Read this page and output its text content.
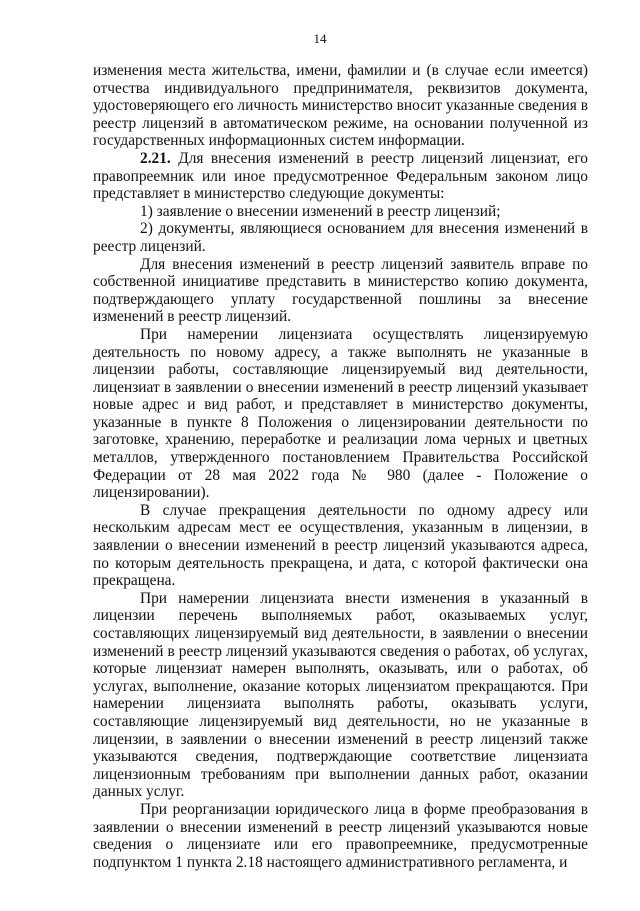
14

изменения места жительства, имени, фамилии и (в случае если имеется) отчества индивидуального предпринимателя, реквизитов документа, удостоверяющего его личность министерство вносит указанные сведения в реестр лицензий в автоматическом режиме, на основании полученной из государственных информационных систем информации.

2.21. Для внесения изменений в реестр лицензий лицензиат, его правопреемник или иное предусмотренное Федеральным законом лицо представляет в министерство следующие документы:

1) заявление о внесении изменений в реестр лицензий;

2) документы, являющиеся основанием для внесения изменений в реестр лицензий.

Для внесения изменений в реестр лицензий заявитель вправе по собственной инициативе представить в министерство копию документа, подтверждающего уплату государственной пошлины за внесение изменений в реестр лицензий.

При намерении лицензиата осуществлять лицензируемую деятельность по новому адресу, а также выполнять не указанные в лицензии работы, составляющие лицензируемый вид деятельности, лицензиат в заявлении о внесении изменений в реестр лицензий указывает новые адрес и вид работ, и представляет в министерство документы, указанные в пункте 8 Положения о лицензировании деятельности по заготовке, хранению, переработке и реализации лома черных и цветных металлов, утвержденного постановлением Правительства Российской Федерации от 28 мая 2022 года № 980 (далее - Положение о лицензировании).

В случае прекращения деятельности по одному адресу или нескольким адресам мест ее осуществления, указанным в лицензии, в заявлении о внесении изменений в реестр лицензий указываются адреса, по которым деятельность прекращена, и дата, с которой фактически она прекращена.

При намерении лицензиата внести изменения в указанный в лицензии перечень выполняемых работ, оказываемых услуг, составляющих лицензируемый вид деятельности, в заявлении о внесении изменений в реестр лицензий указываются сведения о работах, об услугах, которые лицензиат намерен выполнять, оказывать, или о работах, об услугах, выполнение, оказание которых лицензиатом прекращаются. При намерении лицензиата выполнять работы, оказывать услуги, составляющие лицензируемый вид деятельности, но не указанные в лицензии, в заявлении о внесении изменений в реестр лицензий также указываются сведения, подтверждающие соответствие лицензиата лицензионным требованиям при выполнении данных работ, оказании данных услуг.

При реорганизации юридического лица в форме преобразования в заявлении о внесении изменений в реестр лицензий указываются новые сведения о лицензиате или его правопреемнике, предусмотренные подпунктом 1 пункта 2.18 настоящего административного регламента, и
